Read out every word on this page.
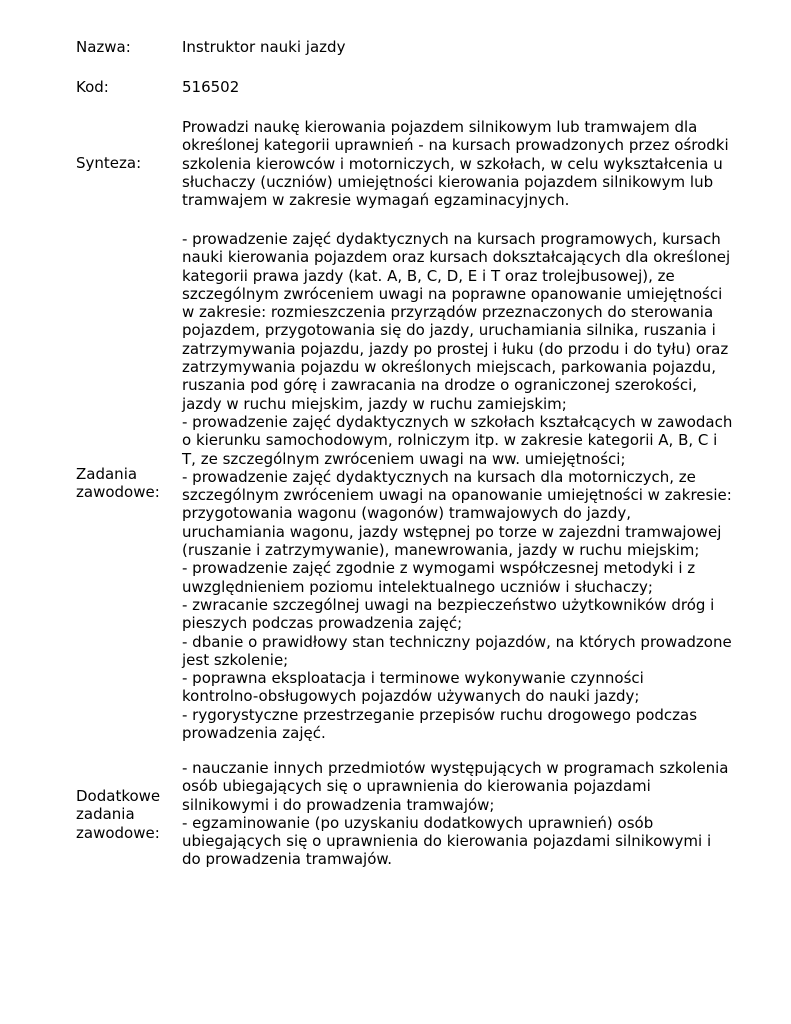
Nazwa:	Instruktor nauki jazdy
Kod:	516502
Synteza:
Prowadzi naukę kierowania pojazdem silnikowym lub tramwajem dla
określonej kategorii uprawnień - na kursach prowadzonych przez ośrodki
szkolenia kierowców i motorniczych, w szkołach, w celu wykształcenia u
słuchaczy (uczniów) umiejętności kierowania pojazdem silnikowym lub
tramwajem w zakresie wymagań egzaminacyjnych.
Zadania
zawodowe:
- prowadzenie zajęć dydaktycznych na kursach programowych, kursach
nauki kierowania pojazdem oraz kursach dokształcających dla określonej
kategorii prawa jazdy (kat. A, B, C, D, E i T oraz trolejbusowej), ze
szczególnym zwróceniem uwagi na poprawne opanowanie umiejętności
w zakresie: rozmieszczenia przyrządów przeznaczonych do sterowania
pojazdem, przygotowania się do jazdy, uruchamiania silnika, ruszania i
zatrzymywania pojazdu, jazdy po prostej i łuku (do przodu i do tyłu) oraz
zatrzymywania pojazdu w określonych miejscach, parkowania pojazdu,
ruszania pod górę i zawracania na drodze o ograniczonej szerokości,
jazdy w ruchu miejskim, jazdy w ruchu zamiejskim;
- prowadzenie zajęć dydaktycznych w szkołach kształcących w zawodach
o kierunku samochodowym, rolniczym itp. w zakresie kategorii A, B, C i
T, ze szczególnym zwróceniem uwagi na ww. umiejętności;
- prowadzenie zajęć dydaktycznych na kursach dla motorniczych, ze
szczególnym zwróceniem uwagi na opanowanie umiejętności w zakresie:
przygotowania wagonu (wagonów) tramwajowych do jazdy,
uruchamiania wagonu, jazdy wstępnej po torze w zajezdni tramwajowej
(ruszanie i zatrzymywanie), manewrowania, jazdy w ruchu miejskim;
- prowadzenie zajęć zgodnie z wymogami współczesnej metodyki i z
uwzględnieniem poziomu intelektualnego uczniów i słuchaczy;
- zwracanie szczególnej uwagi na bezpieczeństwo użytkowników dróg i
pieszych podczas prowadzenia zajęć;
- dbanie o prawidłowy stan techniczny pojazdów, na których prowadzone
jest szkolenie;
- poprawna eksploatacja i terminowe wykonywanie czynności
kontrolno-obsługowych pojazdów używanych do nauki jazdy;
- rygorystyczne przestrzeganie przepisów ruchu drogowego podczas
prowadzenia zajęć.
Dodatkowe
zadania
zawodowe:
- nauczanie innych przedmiotów występujących w programach szkolenia
osób ubiegających się o uprawnienia do kierowania pojazdami
silnikowymi i do prowadzenia tramwajów;
- egzaminowanie (po uzyskaniu dodatkowych uprawnień) osób
ubiegających się o uprawnienia do kierowania pojazdami silnikowymi i
do prowadzenia tramwajów.
